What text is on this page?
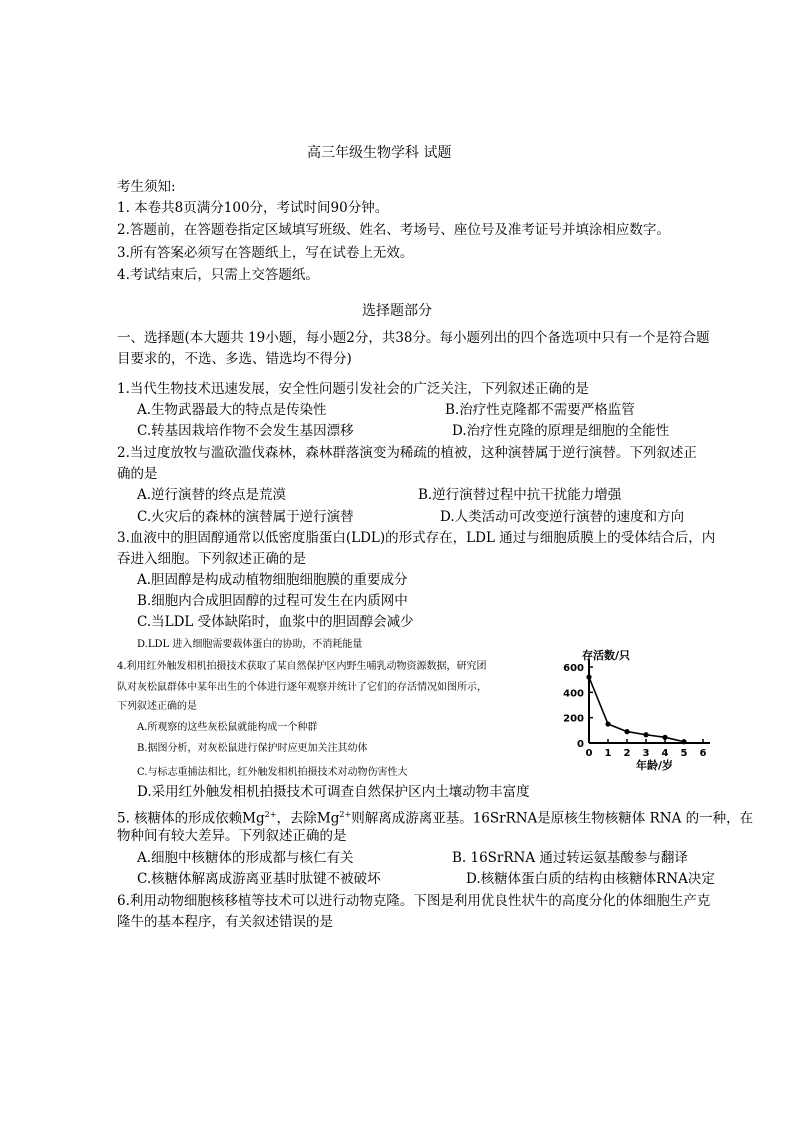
高三年级生物学科 试题
考生须知:
1. 本卷共8页满分100分，考试时间90分钟。
2.答题前，在答题卷指定区域填写班级、姓名、考场号、座位号及准考证号并填涂相应数字。
3.所有答案必须写在答题纸上，写在试卷上无效。
4.考试结束后，只需上交答题纸。
选择题部分
一、选择题(本大题共 19小题，每小题2分，共38分。每小题列出的四个备选项中只有一个是符合题
目要求的，不选、多选、错选均不得分)
1.当代生物技术迅速发展，安全性问题引发社会的广泛关注，下列叙述正确的是
A.生物武器最大的特点是传染性	B.治疗性克隆都不需要严格监管
C.转基因栽培作物不会发生基因漂移	D.治疗性克隆的原理是细胞的全能性
2.当过度放牧与滥砍滥伐森林，森林群落演变为稀疏的植被，这种演替属于逆行演替。下列叙述正
确的是
A.逆行演替的终点是荒漠	B.逆行演替过程中抗干扰能力增强
C.火灾后的森林的演替属于逆行演替	D.人类活动可改变逆行演替的速度和方向
3.血液中的胆固醇通常以低密度脂蛋白(LDL)的形式存在，LDL 通过与细胞质膜上的受体结合后，内
吞进入细胞。下列叙述正确的是
A.胆固醇是构成动植物细胞细胞膜的重要成分
B.细胞内合成胆固醇的过程可发生在内质网中
C.当LDL 受体缺陷时，血浆中的胆固醇会减少
D.LDL 进入细胞需要载体蛋白的协助，不消耗能量
4.利用红外触发相机拍摄技术获取了某自然保护区内野生哺乳动物资源数据，研究团
队对灰松鼠群体中某年出生的个体进行逐年观察并统计了它们的存活情况如图所示，
下列叙述正确的是
A.所观察的这些灰松鼠就能构成一个种群
B.据图分析，对灰松鼠进行保护时应更加关注其幼体
C.与标志重捕法相比，红外触发相机拍摄技术对动物伤害性大
D.采用红外触发相机拍摄技术可调查自然保护区内土壤动物丰富度
0
200
400
600
0 1 2 3 4 5 6
存活数/只
年龄/岁
5. 核糖体的形成依赖$Mg^{2+}$，去除$Mg^{2+}$则解离成游离亚基。16SrRNA是原核生物核糖体 RNA 的一种，在
物种间有较大差异。下列叙述正确的是
A.细胞中核糖体的形成都与核仁有关	B. 16SrRNA 通过转运氨基酸参与翻译
C.核糖体解离成游离亚基时肽键不被破坏	D.核糖体蛋白质的结构由核糖体RNA决定
6.利用动物细胞核移植等技术可以进行动物克隆。下图是利用优良性状牛的高度分化的体细胞生产克
隆牛的基本程序，有关叙述错误的是
